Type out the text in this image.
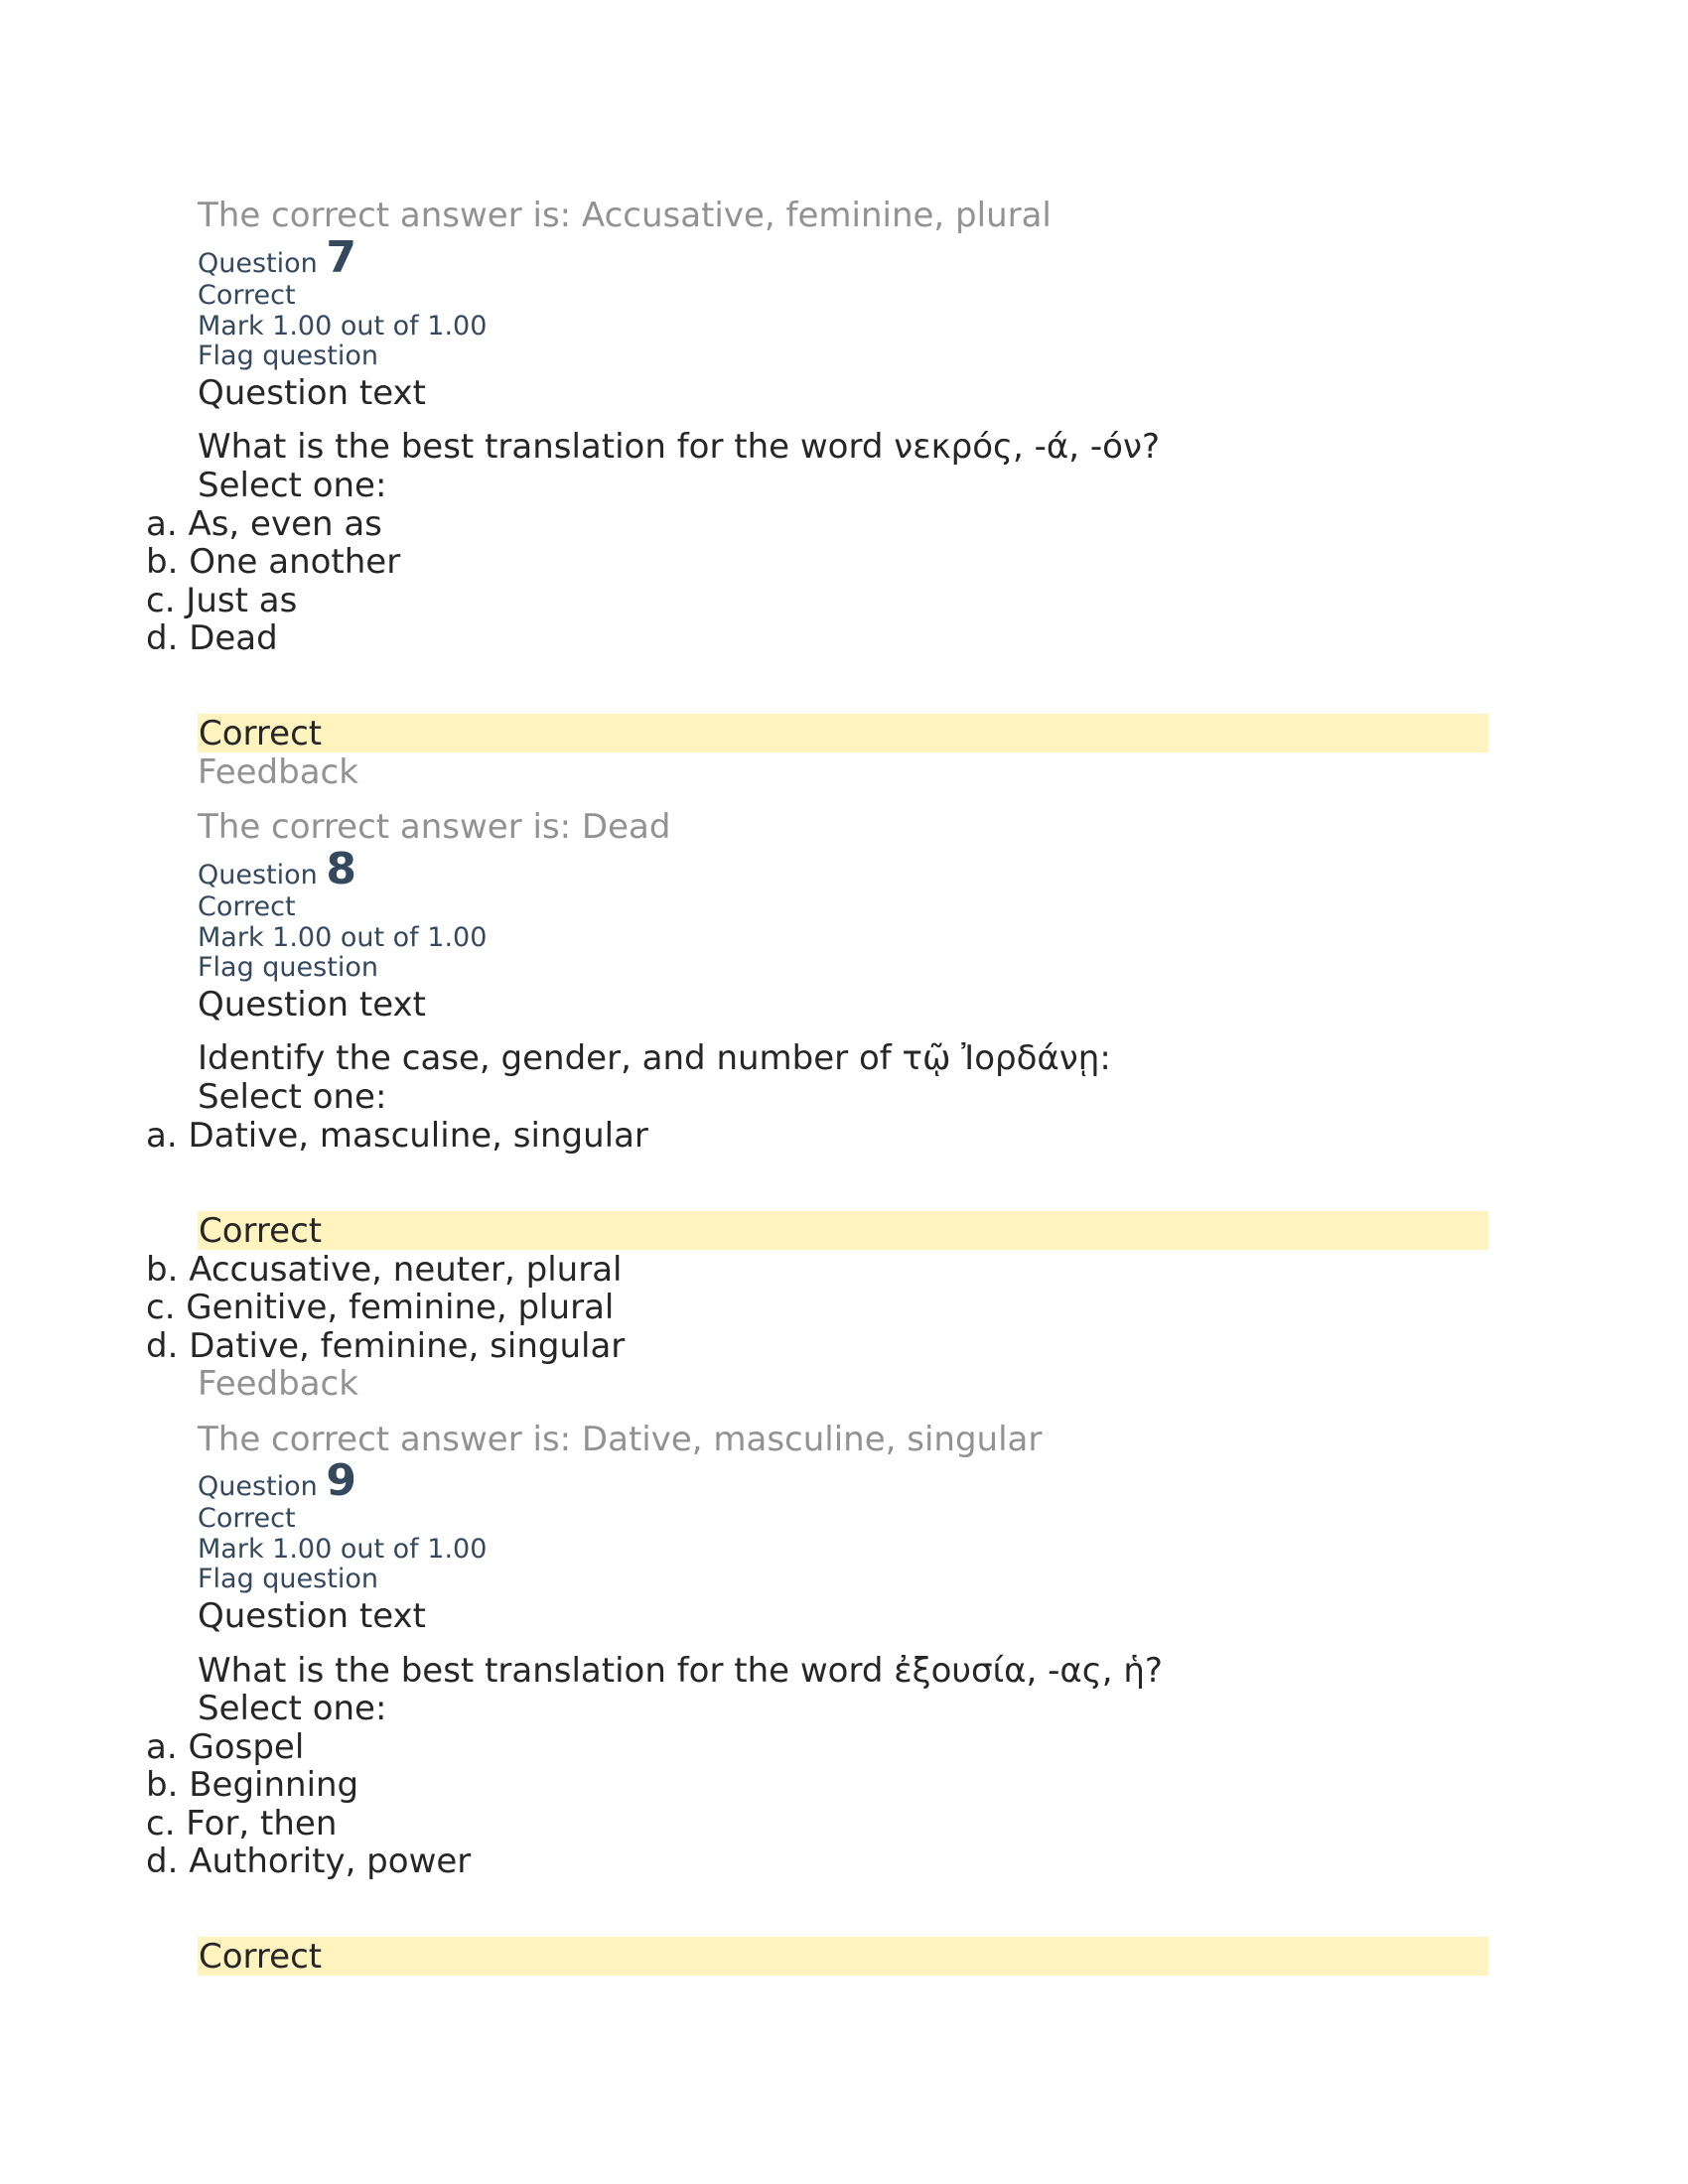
The correct answer is: Accusative, feminine, plural
Question 7
Correct
Mark 1.00 out of 1.00
Flag question
Question text
What is the best translation for the word νεκρός, -ά, -όν?
Select one:
a. As, even as
b. One another
c. Just as
d. Dead
Correct
Feedback
The correct answer is: Dead
Question 8
Correct
Mark 1.00 out of 1.00
Flag question
Question text
Identify the case, gender, and number of τῷ Ἰορδάνῃ:
Select one:
a. Dative, masculine, singular
Correct
b. Accusative, neuter, plural
c. Genitive, feminine, plural
d. Dative, feminine, singular
Feedback
The correct answer is: Dative, masculine, singular
Question 9
Correct
Mark 1.00 out of 1.00
Flag question
Question text
What is the best translation for the word ἐξουσία, -ας, ἡ?
Select one:
a. Gospel
b. Beginning
c. For, then
d. Authority, power
Correct
